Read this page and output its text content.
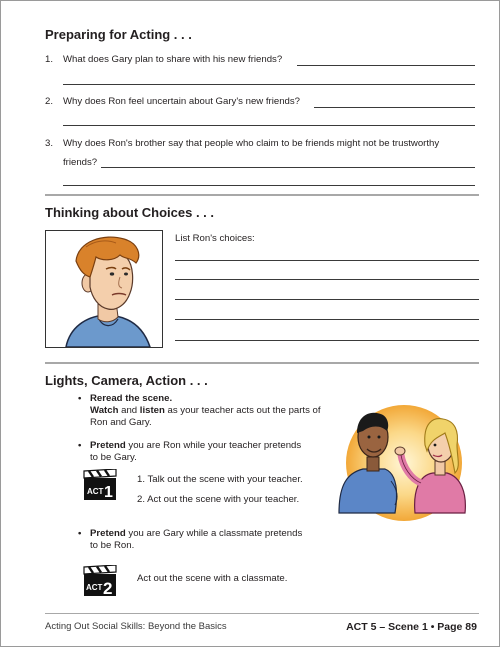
Preparing for Acting . . .
1. What does Gary plan to share with his new friends?
2. Why does Ron feel uncertain about Gary's new friends?
3. Why does Ron's brother say that people who claim to be friends might not be trustworthy
friends?
Thinking about Choices . . .
List Ron's choices:
Lights, Camera, Action . . .
• Reread the scene.
Watch and listen as your teacher acts out the parts of
Ron and Gary.
• Pretend you are Ron while your teacher pretends
to be Gary.
ACT 1
1. Talk out the scene with your teacher.
2. Act out the scene with your teacher.
• Pretend you are Gary while a classmate pretends
to be Ron.
ACT 2
Act out the scene with a classmate.
Acting Out Social Skills: Beyond the Basics	ACT 5 – Scene 1 • Page 89
